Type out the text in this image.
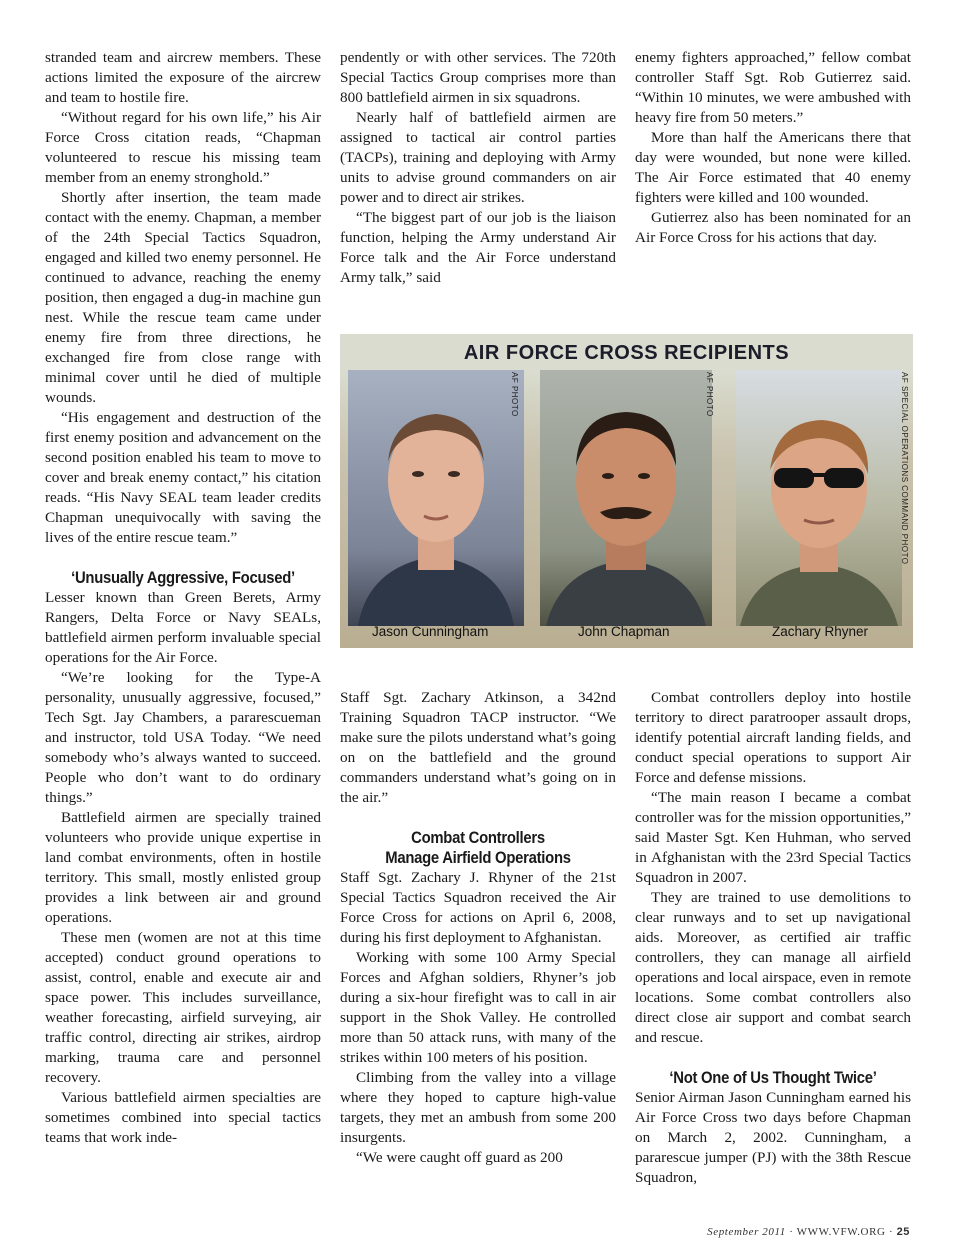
stranded team and aircrew members. These actions limited the exposure of the aircrew and team to hostile fire.

“Without regard for his own life,” his Air Force Cross citation reads, “Chapman volunteered to rescue his missing team member from an enemy stronghold.”

Shortly after insertion, the team made contact with the enemy. Chapman, a member of the 24th Special Tactics Squadron, engaged and killed two enemy personnel. He continued to advance, reaching the enemy position, then engaged a dug-in machine gun nest. While the rescue team came under enemy fire from three directions, he exchanged fire from close range with minimal cover until he died of multiple wounds.

“His engagement and destruction of the first enemy position and advancement on the second position enabled his team to move to cover and break enemy contact,” his citation reads. “His Navy SEAL team leader credits Chapman unequivocally with saving the lives of the entire rescue team.”

‘Unusually Aggressive, Focused’

Lesser known than Green Berets, Army Rangers, Delta Force or Navy SEALs, battlefield airmen perform invaluable special operations for the Air Force.

“We’re looking for the Type-A personality, unusually aggressive, focused,” Tech Sgt. Jay Chambers, a pararescueman and instructor, told USA Today. “We need somebody who’s always wanted to succeed. People who don’t want to do ordinary things.”

Battlefield airmen are specially trained volunteers who provide unique expertise in land combat environments, often in hostile territory. This small, mostly enlisted group provides a link between air and ground operations.

These men (women are not at this time accepted) conduct ground operations to assist, control, enable and execute air and space power. This includes surveillance, weather forecasting, airfield surveying, air traffic control, directing air strikes, airdrop marking, trauma care and personnel recovery.

Various battlefield airmen specialties are sometimes combined into special tactics teams that work inde-

pendently or with other services. The 720th Special Tactics Group comprises more than 800 battlefield airmen in six squadrons.

Nearly half of battlefield airmen are assigned to tactical air control parties (TACPs), training and deploying with Army units to advise ground commanders on air power and to direct air strikes.

“The biggest part of our job is the liaison function, helping the Army understand Air Force talk and the Air Force understand Army talk,” said

enemy fighters approached,” fellow combat controller Staff Sgt. Rob Gutierrez said. “Within 10 minutes, we were ambushed with heavy fire from 50 meters.”

More than half the Americans there that day were wounded, but none were killed. The Air Force estimated that 40 enemy fighters were killed and 100 wounded.

Gutierrez also has been nominated for an Air Force Cross for his actions that day.

AIR FORCE CROSS RECIPIENTS
AF PHOTO	AF PHOTO	AF SPECIAL OPERATIONS COMMAND PHOTO
Jason Cunningham	John Chapman	Zachary Rhyner

Staff Sgt. Zachary Atkinson, a 342nd Training Squadron TACP instructor. “We make sure the pilots understand what’s going on on the battlefield and the ground commanders understand what’s going on in the air.”

Combat Controllers
Manage Airfield Operations

Staff Sgt. Zachary J. Rhyner of the 21st Special Tactics Squadron received the Air Force Cross for actions on April 6, 2008, during his first deployment to Afghanistan.

Working with some 100 Army Special Forces and Afghan soldiers, Rhyner’s job during a six-hour firefight was to call in air support in the Shok Valley. He controlled more than 50 attack runs, with many of the strikes within 100 meters of his position.

Climbing from the valley into a village where they hoped to capture high-value targets, they met an ambush from some 200 insurgents.

“We were caught off guard as 200

Combat controllers deploy into hostile territory to direct paratrooper assault drops, identify potential aircraft landing fields, and conduct special operations to support Air Force and defense missions.

“The main reason I became a combat controller was for the mission opportunities,” said Master Sgt. Ken Huhman, who served in Afghanistan with the 23rd Special Tactics Squadron in 2007.

They are trained to use demolitions to clear runways and to set up navigational aids. Moreover, as certified air traffic controllers, they can manage all airfield operations and local airspace, even in remote locations. Some combat controllers also direct close air support and combat search and rescue.

‘Not One of Us Thought Twice’

Senior Airman Jason Cunningham earned his Air Force Cross two days before Chapman on March 2, 2002. Cunningham, a pararescue jumper (PJ) with the 38th Rescue Squadron,

September 2011 · WWW.VFW.ORG · 25
